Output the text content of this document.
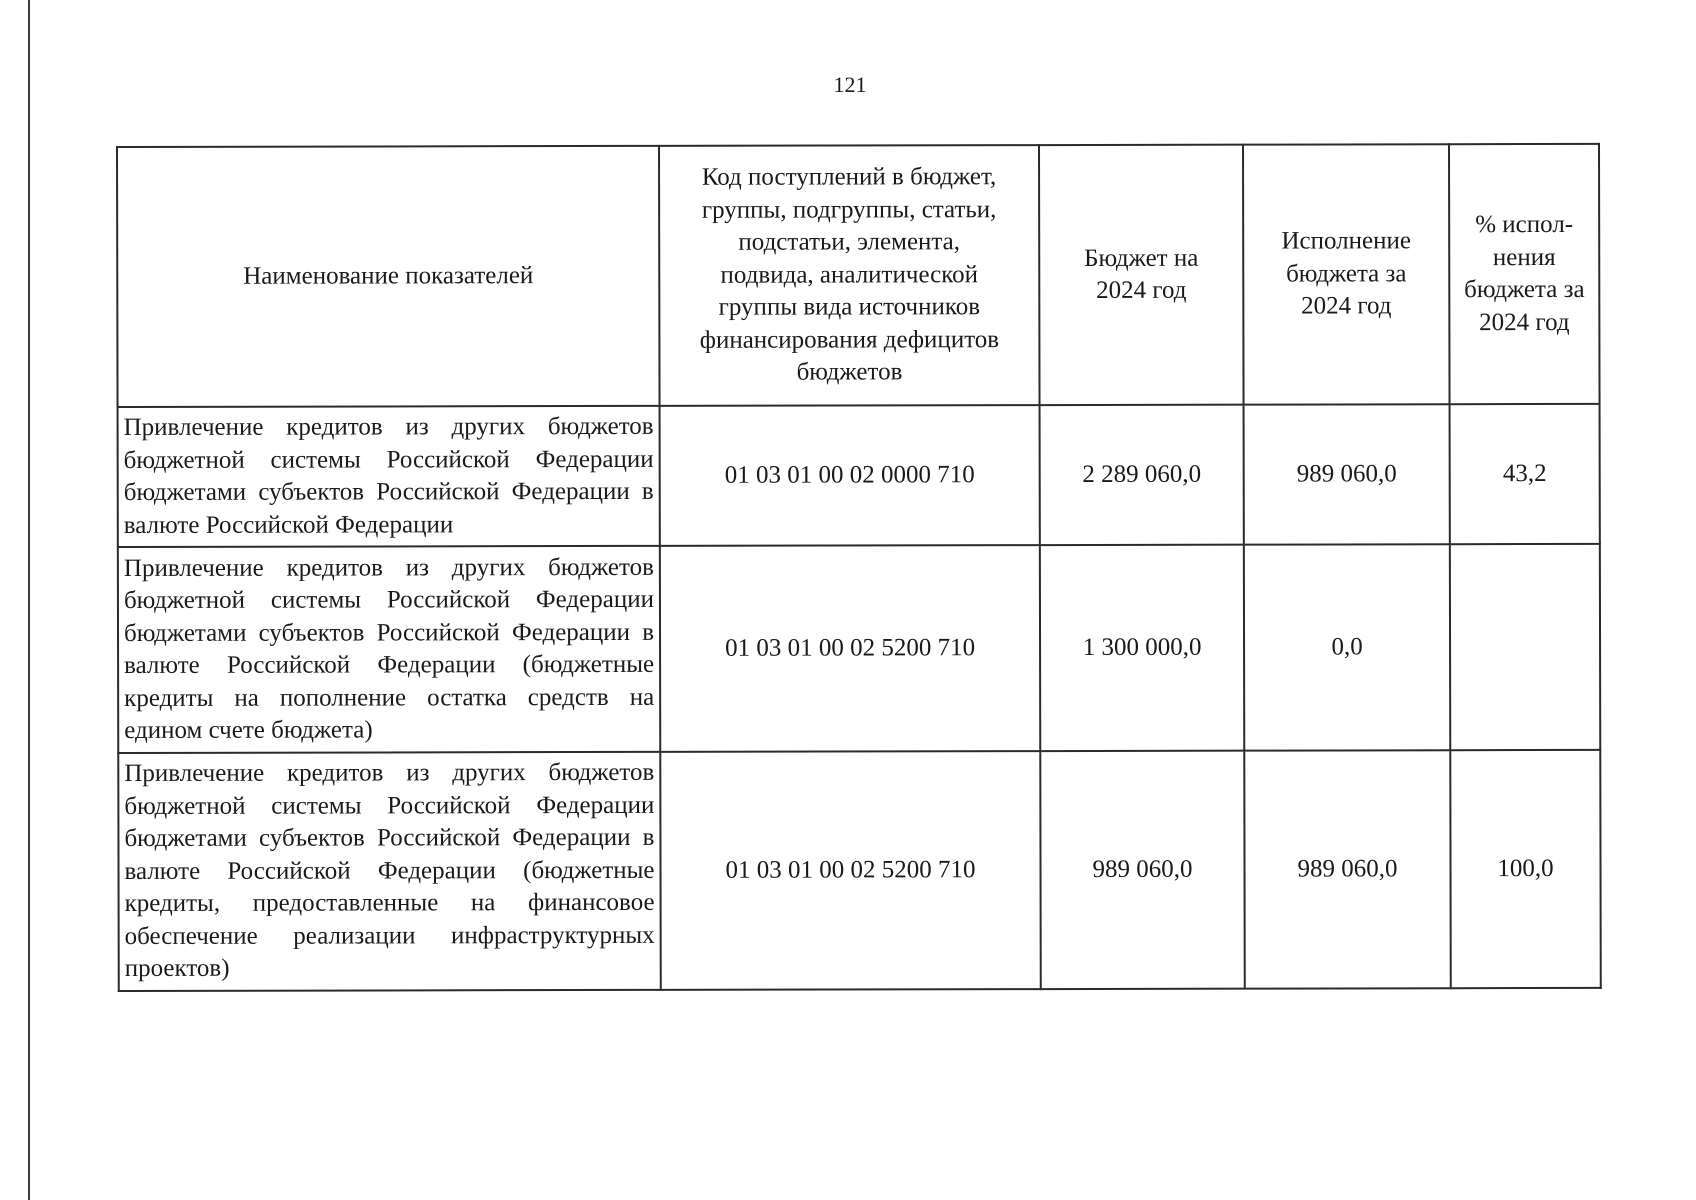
121
Наименование показателей	Код поступлений в бюджет, группы, подгруппы, статьи, подстатьи, элемента, подвида, аналитической группы вида источников финансирования дефицитов бюджетов	Бюджет на 2024 год	Исполнение бюджета за 2024 год	% испол-нения бюджета за 2024 год
Привлечение кредитов из других бюджетов бюджетной системы Российской Федерации бюджетами субъектов Российской Федерации в валюте Российской Федерации	01 03 01 00 02 0000 710	2 289 060,0	989 060,0	43,2
Привлечение кредитов из других бюджетов бюджетной системы Российской Федерации бюджетами субъектов Российской Федерации в валюте Российской Федерации (бюджетные кредиты на пополнение остатка средств на едином счете бюджета)	01 03 01 00 02 5200 710	1 300 000,0	0,0	
Привлечение кредитов из других бюджетов бюджетной системы Российской Федерации бюджетами субъектов Российской Федерации в валюте Российской Федерации (бюджетные кредиты, предоставленные на финансовое обеспечение реализации инфраструктурных проектов)	01 03 01 00 02 5200 710	989 060,0	989 060,0	100,0
